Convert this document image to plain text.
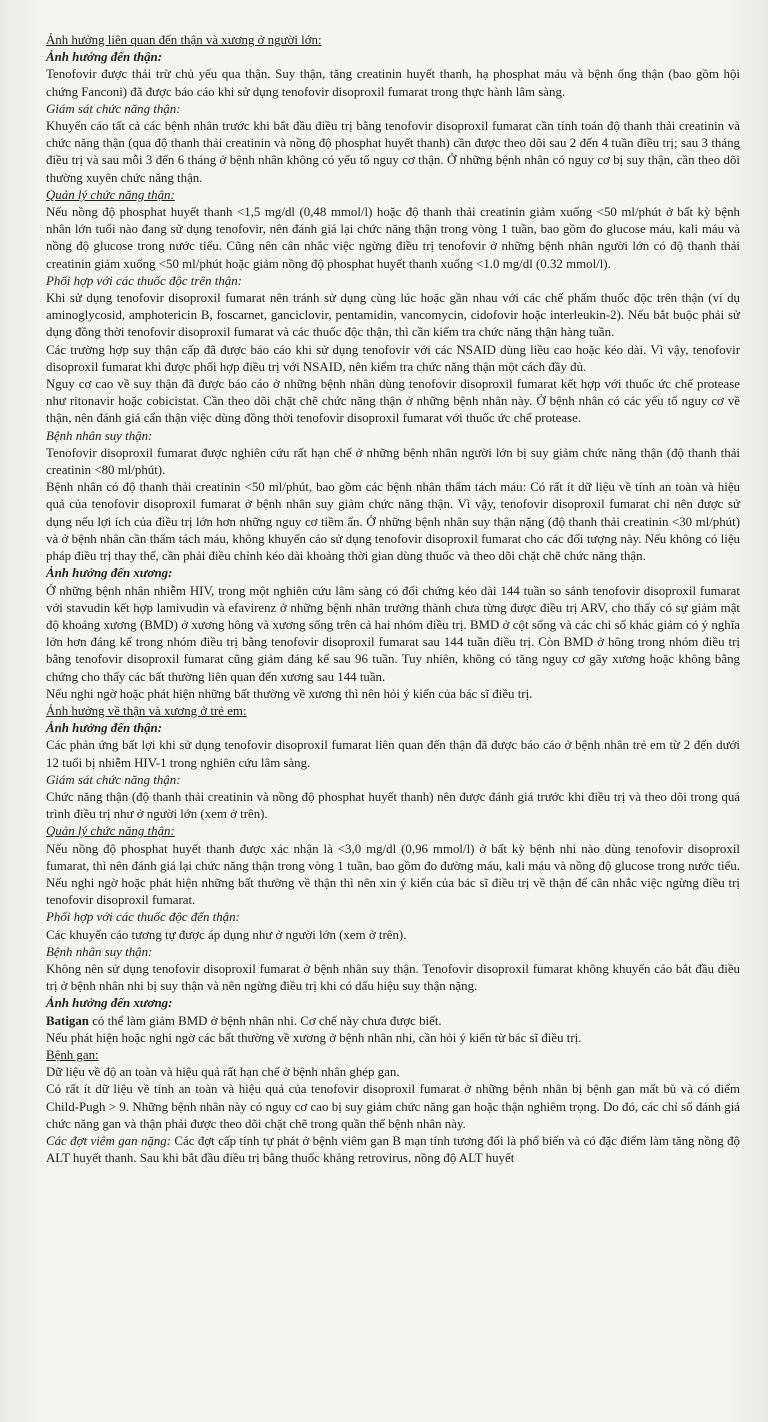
Ảnh hưởng liên quan đến thận và xương ở người lớn:

Ảnh hưởng đến thận:

Tenofovir được thải trừ chủ yếu qua thận. Suy thận, tăng creatinin huyết thanh, hạ phosphat máu và bệnh ống thận (bao gồm hội chứng Fanconi) đã được báo cáo khi sử dụng tenofovir disoproxil fumarat trong thực hành lâm sàng.

Giám sát chức năng thận:

Khuyến cáo tất cả các bệnh nhân trước khi bắt đầu điều trị bằng tenofovir disoproxil fumarat cần tính toán độ thanh thải creatinin và chức năng thận (qua độ thanh thải creatinin và nồng độ phosphat huyết thanh) cần được theo dõi sau 2 đến 4 tuần điều trị; sau 3 tháng điều trị và sau mỗi 3 đến 6 tháng ở bệnh nhân không có yếu tố nguy cơ thận. Ở những bệnh nhân có nguy cơ bị suy thận, cần theo dõi thường xuyên chức năng thận.

Quản lý chức năng thận:

Nếu nồng độ phosphat huyết thanh <1,5 mg/dl (0,48 mmol/l) hoặc độ thanh thải creatinin giảm xuống <50 ml/phút ở bất kỳ bệnh nhân lớn tuổi nào đang sử dụng tenofovir, nên đánh giá lại chức năng thận trong vòng 1 tuần, bao gồm đo glucose máu, kali máu và nồng độ glucose trong nước tiểu. Cũng nên cân nhắc việc ngừng điều trị tenofovir ở những bệnh nhân người lớn có độ thanh thải creatinin giảm xuống <50 ml/phút hoặc giảm nồng độ phosphat huyết thanh xuống <1.0 mg/dl (0.32 mmol/l).

Phối hợp với các thuốc độc trên thận:

Khi sử dụng tenofovir disoproxil fumarat nên tránh sử dụng cùng lúc hoặc gần nhau với các chế phẩm thuốc độc trên thận (ví dụ aminoglycosid, amphotericin B, foscarnet, ganciclovir, pentamidin, vancomycin, cidofovir hoặc interleukin-2). Nếu bắt buộc phải sử dụng đồng thời tenofovir disoproxil fumarat và các thuốc độc thận, thì cần kiểm tra chức năng thận hàng tuần.

Các trường hợp suy thận cấp đã được báo cáo khi sử dụng tenofovir với các NSAID dùng liều cao hoặc kéo dài. Vì vậy, tenofovir disoproxil fumarat khi được phối hợp điều trị với NSAID, nên kiểm tra chức năng thận một cách đầy đủ.

Nguy cơ cao về suy thận đã được báo cáo ở những bệnh nhân dùng tenofovir disoproxil fumarat kết hợp với thuốc ức chế protease như ritonavir hoặc cobicistat. Cần theo dõi chặt chẽ chức năng thận ở những bệnh nhân này. Ở bệnh nhân có các yếu tố nguy cơ về thận, nên đánh giá cẩn thận việc dùng đồng thời tenofovir disoproxil fumarat với thuốc ức chế protease.

Bệnh nhân suy thận:

Tenofovir disoproxil fumarat được nghiên cứu rất hạn chế ở những bệnh nhân người lớn bị suy giảm chức năng thận (độ thanh thải creatinin <80 ml/phút).

Bệnh nhân có độ thanh thải creatinin <50 ml/phút, bao gồm các bệnh nhân thẩm tách máu: Có rất ít dữ liệu về tính an toàn và hiệu quả của tenofovir disoproxil fumarat ở bệnh nhân suy giảm chức năng thận. Vì vậy, tenofovir disoproxil fumarat chỉ nên được sử dụng nếu lợi ích của điều trị lớn hơn những nguy cơ tiềm ẩn. Ở những bệnh nhân suy thận nặng (độ thanh thải creatinin <30 ml/phút) và ở bệnh nhân cần thẩm tách máu, không khuyến cáo sử dụng tenofovir disoproxil fumarat cho các đối tượng này. Nếu không có liệu pháp điều trị thay thế, cần phải điều chỉnh kéo dài khoảng thời gian dùng thuốc và theo dõi chặt chẽ chức năng thận.

Ảnh hưởng đến xương:

Ở những bệnh nhân nhiễm HIV, trong một nghiên cứu lâm sàng có đối chứng kéo dài 144 tuần so sánh tenofovir disoproxil fumarat với stavudin kết hợp lamivudin và efavirenz ở những bệnh nhân trưởng thành chưa từng được điều trị ARV, cho thấy có sự giảm mật độ khoáng xương (BMD) ở xương hông và xương sống trên cả hai nhóm điều trị. BMD ở cột sống và các chỉ số khác giảm có ý nghĩa lớn hơn đáng kể trong nhóm điều trị bằng tenofovir disoproxil fumarat sau 144 tuần điều trị. Còn BMD ở hông trong nhóm điều trị bằng tenofovir disoproxil fumarat cũng giảm đáng kể sau 96 tuần. Tuy nhiên, không có tăng nguy cơ gãy xương hoặc không bằng chứng cho thấy các bất thường liên quan đến xương sau 144 tuần.

Nếu nghi ngờ hoặc phát hiện những bất thường về xương thì nên hỏi ý kiến của bác sĩ điều trị.

Ảnh hưởng về thận và xương ở trẻ em:

Ảnh hưởng đến thận:

Các phản ứng bất lợi khi sử dụng tenofovir disoproxil fumarat liên quan đến thận đã được báo cáo ở bệnh nhân trẻ em từ 2 đến dưới 12 tuổi bị nhiễm HIV-1 trong nghiên cứu lâm sàng.

Giám sát chức năng thận:

Chức năng thận (độ thanh thải creatinin và nồng độ phosphat huyết thanh) nên được đánh giá trước khi điều trị và theo dõi trong quá trình điều trị như ở người lớn (xem ở trên).

Quản lý chức năng thận:

Nếu nồng độ phosphat huyết thanh được xác nhận là <3,0 mg/dl (0,96 mmol/l) ở bất kỳ bệnh nhi nào dùng tenofovir disoproxil fumarat, thì nên đánh giá lại chức năng thận trong vòng 1 tuần, bao gồm đo đường máu, kali máu và nồng độ glucose trong nước tiểu. Nếu nghi ngờ hoặc phát hiện những bất thường về thận thì nên xin ý kiến của bác sĩ điều trị về thận để cân nhắc việc ngừng điều trị tenofovir disoproxil fumarat.

Phối hợp với các thuốc độc đến thận:

Các khuyến cáo tương tự được áp dụng như ở người lớn (xem ở trên).

Bệnh nhân suy thận:

Không nên sử dụng tenofovir disoproxil fumarat ở bệnh nhân suy thận. Tenofovir disoproxil fumarat không khuyến cáo bắt đầu điều trị ở bệnh nhân nhi bị suy thận và nên ngừng điều trị khi có dấu hiệu suy thận nặng.

Ảnh hưởng đến xương:

Batigan có thể làm giảm BMD ở bệnh nhân nhi. Cơ chế này chưa được biết.

Nếu phát hiện hoặc nghi ngờ các bất thường về xương ở bệnh nhân nhi, cần hỏi ý kiến từ bác sĩ điều trị.

Bệnh gan:

Dữ liệu về độ an toàn và hiệu quả rất hạn chế ở bệnh nhân ghép gan.

Có rất ít dữ liệu về tính an toàn và hiệu quả của tenofovir disoproxil fumarat ở những bệnh nhân bị bệnh gan mất bù và có điểm Child-Pugh > 9. Những bệnh nhân này có nguy cơ cao bị suy giảm chức năng gan hoặc thận nghiêm trọng. Do đó, các chỉ số đánh giá chức năng gan và thận phải được theo dõi chặt chẽ trong quần thể bệnh nhân này.

Các đợt viêm gan nặng: Các đợt cấp tính tự phát ở bệnh viêm gan B mạn tính tương đối là phổ biến và có đặc điểm làm tăng nồng độ ALT huyết thanh. Sau khi bắt đầu điều trị bằng thuốc kháng retrovirus, nồng độ ALT huyết
